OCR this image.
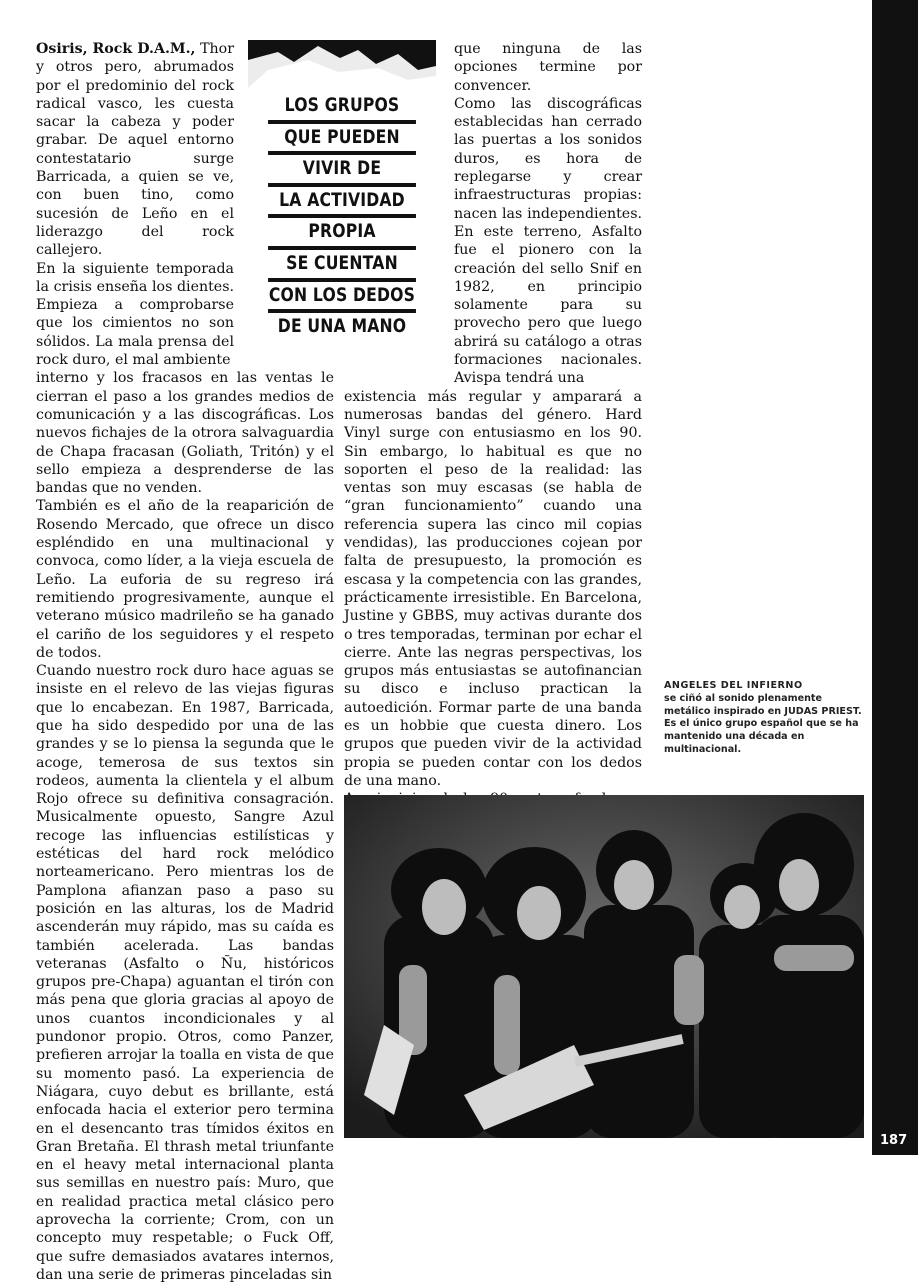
187

Osiris, Rock D.A.M., Thor y otros pero, abrumados por el predominio del rock radical vasco, les cuesta sacar la cabeza y poder grabar. De aquel entorno contestatario surge Barricada, a quien se ve, con buen tino, como sucesión de Leño en el liderazgo del rock callejero.

En la siguiente temporada la crisis enseña los dientes. Empieza a comprobarse que los cimientos no son sólidos. La mala prensa del rock duro, el mal ambiente

interno y los fracasos en las ventas le cierran el paso a los grandes medios de comunicación y a las discográficas. Los nuevos fichajes de la otrora salvaguardia de Chapa fracasan (Goliath, Tritón) y el sello empieza a desprenderse de las bandas que no venden.

También es el año de la reaparición de Rosendo Mercado, que ofrece un disco espléndido en una multinacional y convoca, como líder, a la vieja escuela de Leño. La euforia de su regreso irá remitiendo progresivamente, aunque el veterano músico madrileño se ha ganado el cariño de los seguidores y el respeto de todos.

Cuando nuestro rock duro hace aguas se insiste en el relevo de las viejas figuras que lo encabezan. En 1987, Barricada, que ha sido despedido por una de las grandes y se lo piensa la segunda que le acoge, temerosa de sus textos sin rodeos, aumenta la clientela y el album Rojo ofrece su definitiva consagración. Musicalmente opuesto, Sangre Azul recoge las influencias estilísticas y estéticas del hard rock melódico norteamericano. Pero mientras los de Pamplona afianzan paso a paso su posición en las alturas, los de Madrid ascenderán muy rápido, mas su caída es también acelerada. Las bandas veteranas (Asfalto o Ñu, históricos grupos pre-Chapa) aguantan el tirón con más pena que gloria gracias al apoyo de unos cuantos incondicionales y al pundonor propio. Otros, como Panzer, prefieren arrojar la toalla en vista de que su momento pasó. La experiencia de Niágara, cuyo debut es brillante, está enfocada hacia el exterior pero termina en el desencanto tras tímidos éxitos en Gran Bretaña. El thrash metal triunfante en el heavy metal internacional planta sus semillas en nuestro país: Muro, que en realidad practica metal clásico pero aprovecha la corriente; Crom, con un concepto muy respetable; o Fuck Off, que sufre demasiados avatares internos, dan una serie de primeras pinceladas sin

LOS GRUPOS
QUE PUEDEN
VIVIR DE
LA ACTIVIDAD
PROPIA
SE CUENTAN
CON LOS DEDOS
DE UNA MANO

que ninguna de las opciones termine por convencer.

Como las discográficas establecidas han cerrado las puertas a los sonidos duros, es hora de replegarse y crear infraestructuras propias: nacen las independientes. En este terreno, Asfalto fue el pionero con la creación del sello Snif en 1982, en principio solamente para su provecho pero que luego abrirá su catálogo a otras formaciones nacionales. Avispa tendrá una

existencia más regular y amparará a numerosas bandas del género. Hard Vinyl surge con entusiasmo en los 90. Sin embargo, lo habitual es que no soporten el peso de la realidad: las ventas son muy escasas (se habla de “gran funcionamiento” cuando una referencia supera las cinco mil copias vendidas), las producciones cojean por falta de presupuesto, la promoción es escasa y la competencia con las grandes, prácticamente irresistible. En Barcelona, Justine y GBBS, muy activas durante dos o tres temporadas, terminan por echar el cierre. Ante las negras perspectivas, los grupos más entusiastas se autofinancian su disco e incluso practican la autoedición. Formar parte de una banda es un hobbie que cuesta dinero. Los grupos que pueden vivir de la actividad propia se pueden contar con los dedos de una mano.

ANGELES DEL INFIERNO
se ciñó al sonido plenamente metálico inspirado en JUDAS PRIEST. Es el único grupo español que se ha mantenido una década en multinacional.
